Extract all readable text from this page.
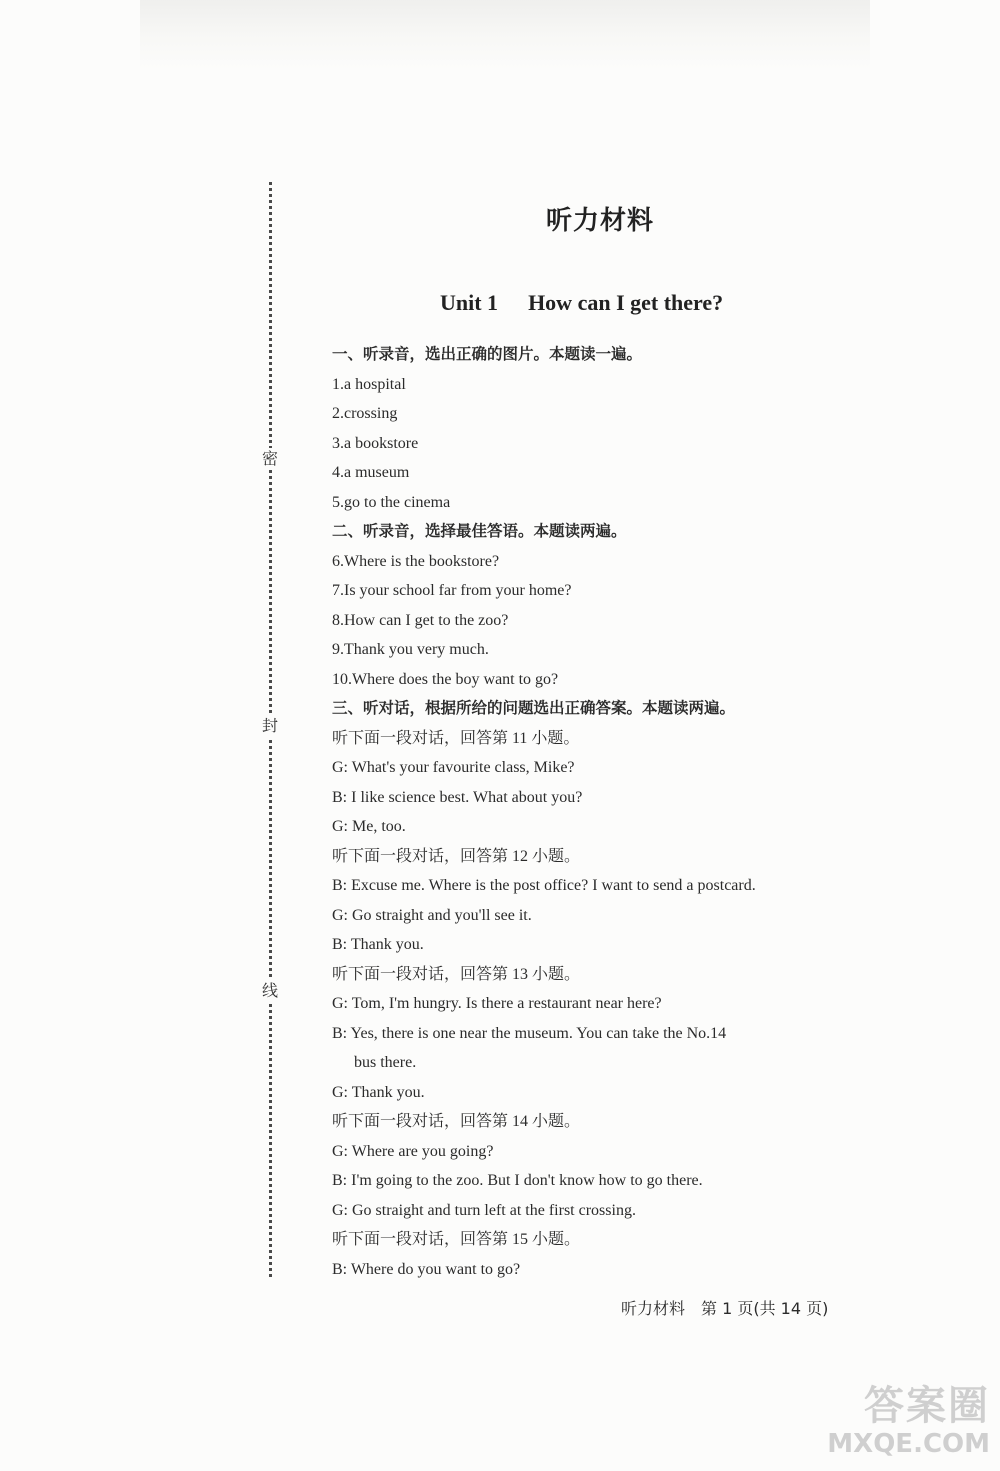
密
封
线
听力材料
Unit 1 How can I get there?
一、听录音，选出正确的图片。本题读一遍。
1.a hospital
2.crossing
3.a bookstore
4.a museum
5.go to the cinema
二、听录音，选择最佳答语。本题读两遍。
6.Where is the bookstore?
7.Is your school far from your home?
8.How can I get to the zoo?
9.Thank you very much.
10.Where does the boy want to go?
三、听对话，根据所给的问题选出正确答案。本题读两遍。
听下面一段对话，回答第 11 小题。
G: What's your favourite class, Mike?
B: I like science best. What about you?
G: Me, too.
听下面一段对话，回答第 12 小题。
B: Excuse me. Where is the post office? I want to send a postcard.
G: Go straight and you'll see it.
B: Thank you.
听下面一段对话，回答第 13 小题。
G: Tom, I'm hungry. Is there a restaurant near here?
B: Yes, there is one near the museum. You can take the No.14
bus there.
G: Thank you.
听下面一段对话，回答第 14 小题。
G: Where are you going?
B: I'm going to the zoo. But I don't know how to go there.
G: Go straight and turn left at the first crossing.
听下面一段对话，回答第 15 小题。
B: Where do you want to go?

听力材料　第 1 页(共 14 页)
答案圈
MXQE.COM
